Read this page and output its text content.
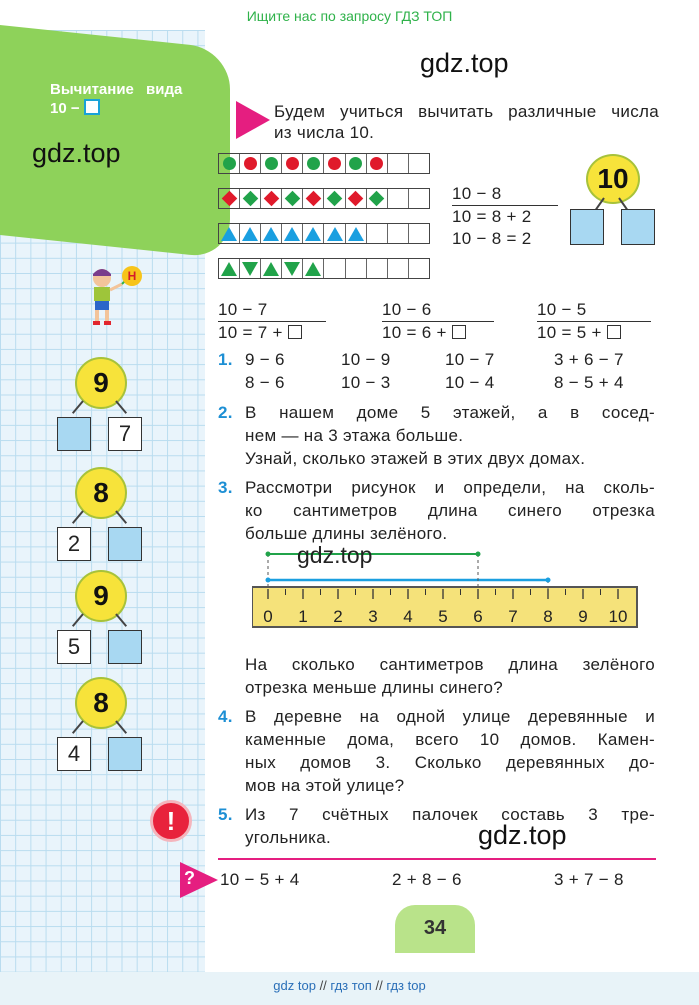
Ищите нас по запросу ГДЗ ТОП
Вычитание вида
10 −
gdz.top
gdz.top
Будем учиться вычитать различные числа
из числа 10.
10 − 8
10 = 8 + 2
10 − 8 = 2
10
10 − 7
10 = 7 +
10 − 6
10 = 6 +
10 − 5
10 = 5 +
1. 9 − 6	10 − 9	10 − 7	3 + 6 − 7
8 − 6	10 − 3	10 − 4	8 − 5 + 4
2. В нашем доме 5 этажей, а в сосед-
нем — на 3 этажа больше.
Узнай, сколько этажей в этих двух домах.
3. Рассмотри рисунок и определи, на сколь-
ко сантиметров длина синего отрезка
больше длины зелёного.
0 1 2 3 4 5 6 7 8 9 10
gdz.top
На сколько сантиметров длина зелёного
отрезка меньше длины синего?
4. В деревне на одной улице деревянные и
каменные дома, всего 10 домов. Камен-
ных домов 3. Сколько деревянных до-
мов на этой улице?
5. Из 7 счётных палочек составь 3 тре-
угольника.	gdz.top
!
? 10 − 5 + 4	2 + 8 − 6	3 + 7 − 8
34
gdz top // гдз топ // гдз top
Н
9
7
8
2
9
5
8
4
